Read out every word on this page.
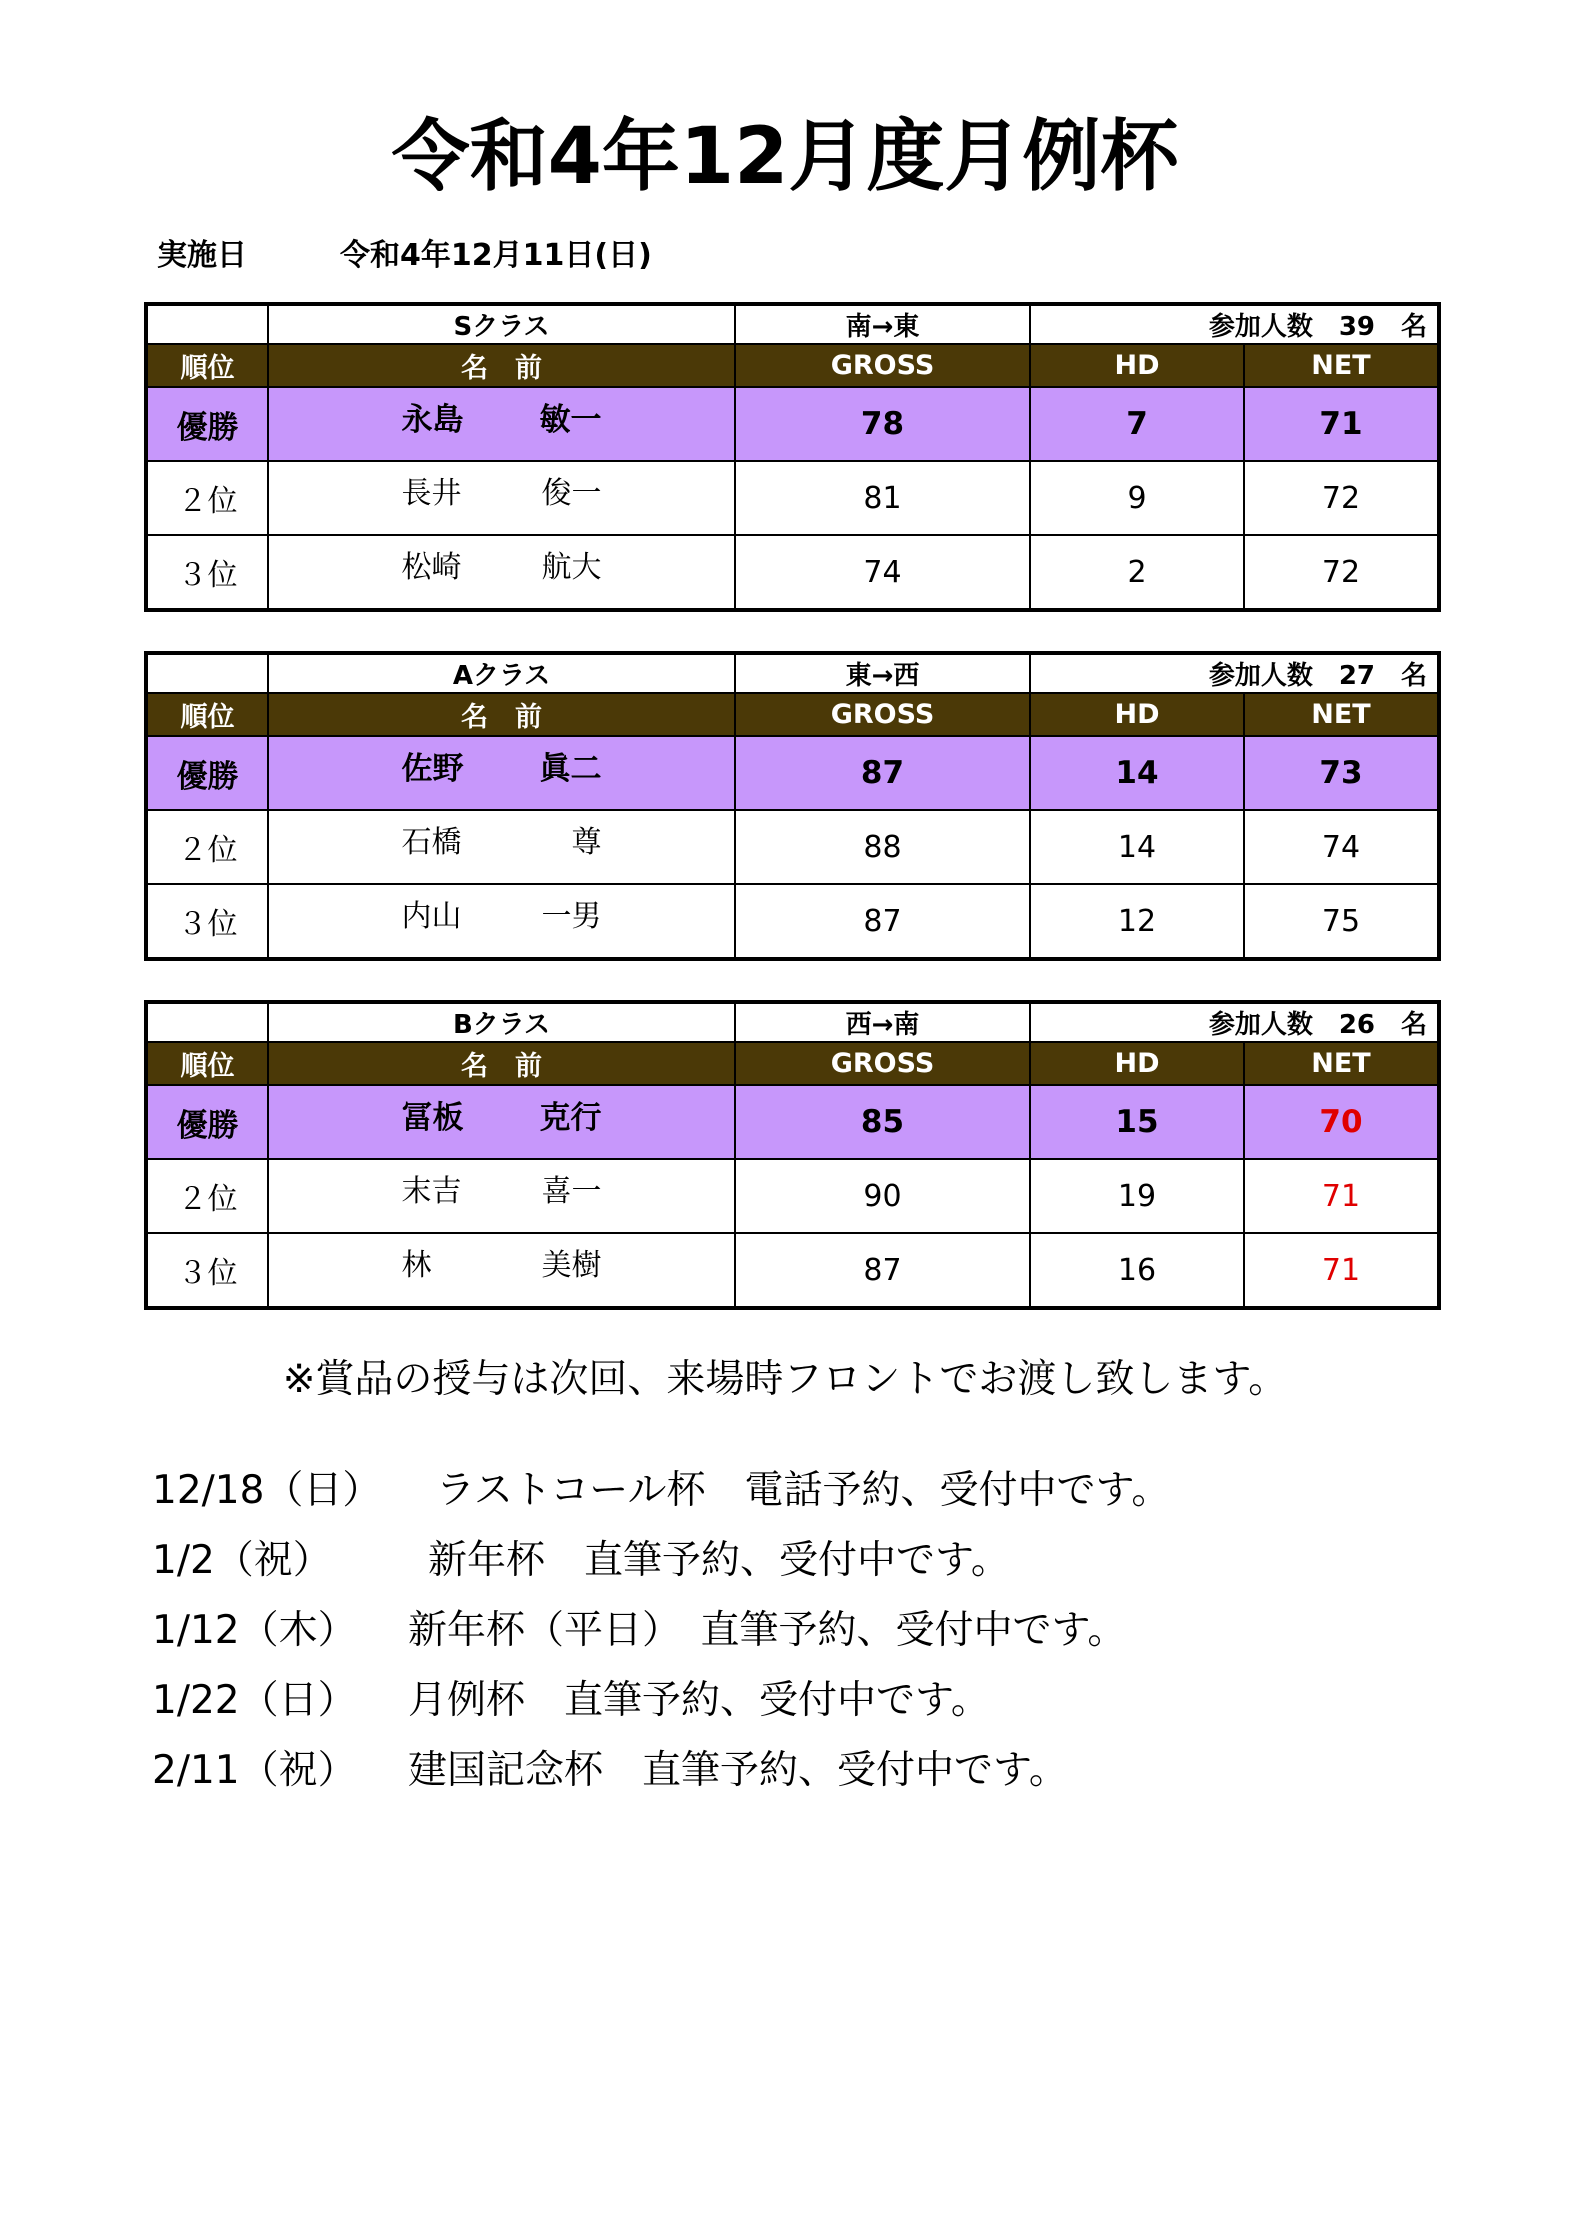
令和4年12月度月例杯
実施日	令和4年12月11日(日)
	Sクラス	南→東	参加人数　39　名	
順位	名　前	GROSS	HD	NET
優勝	永島 敏一	78	7	71
２位	長井 俊一	81	9	72
３位	松崎 航大	74	2	72
	Aクラス	東→西	参加人数　27　名	
順位	名　前	GROSS	HD	NET
優勝	佐野 眞二	87	14	73
２位	石橋 尊	88	14	74
３位	内山 一男	87	12	75
	Bクラス	西→南	参加人数　26　名	
順位	名　前	GROSS	HD	NET
優勝	冨板 克行	85	15	70
２位	末吉 喜一	90	19	71
３位	林 美樹	87	16	71
※賞品の授与は次回、来場時フロントでお渡し致します。
12/18（日） ラストコール杯　電話予約、受付中です。
1/2（祝） 新年杯　直筆予約、受付中です。
1/12（木） 新年杯（平日）　直筆予約、受付中です。
1/22（日） 月例杯　直筆予約、受付中です。
2/11（祝） 建国記念杯　直筆予約、受付中です。
